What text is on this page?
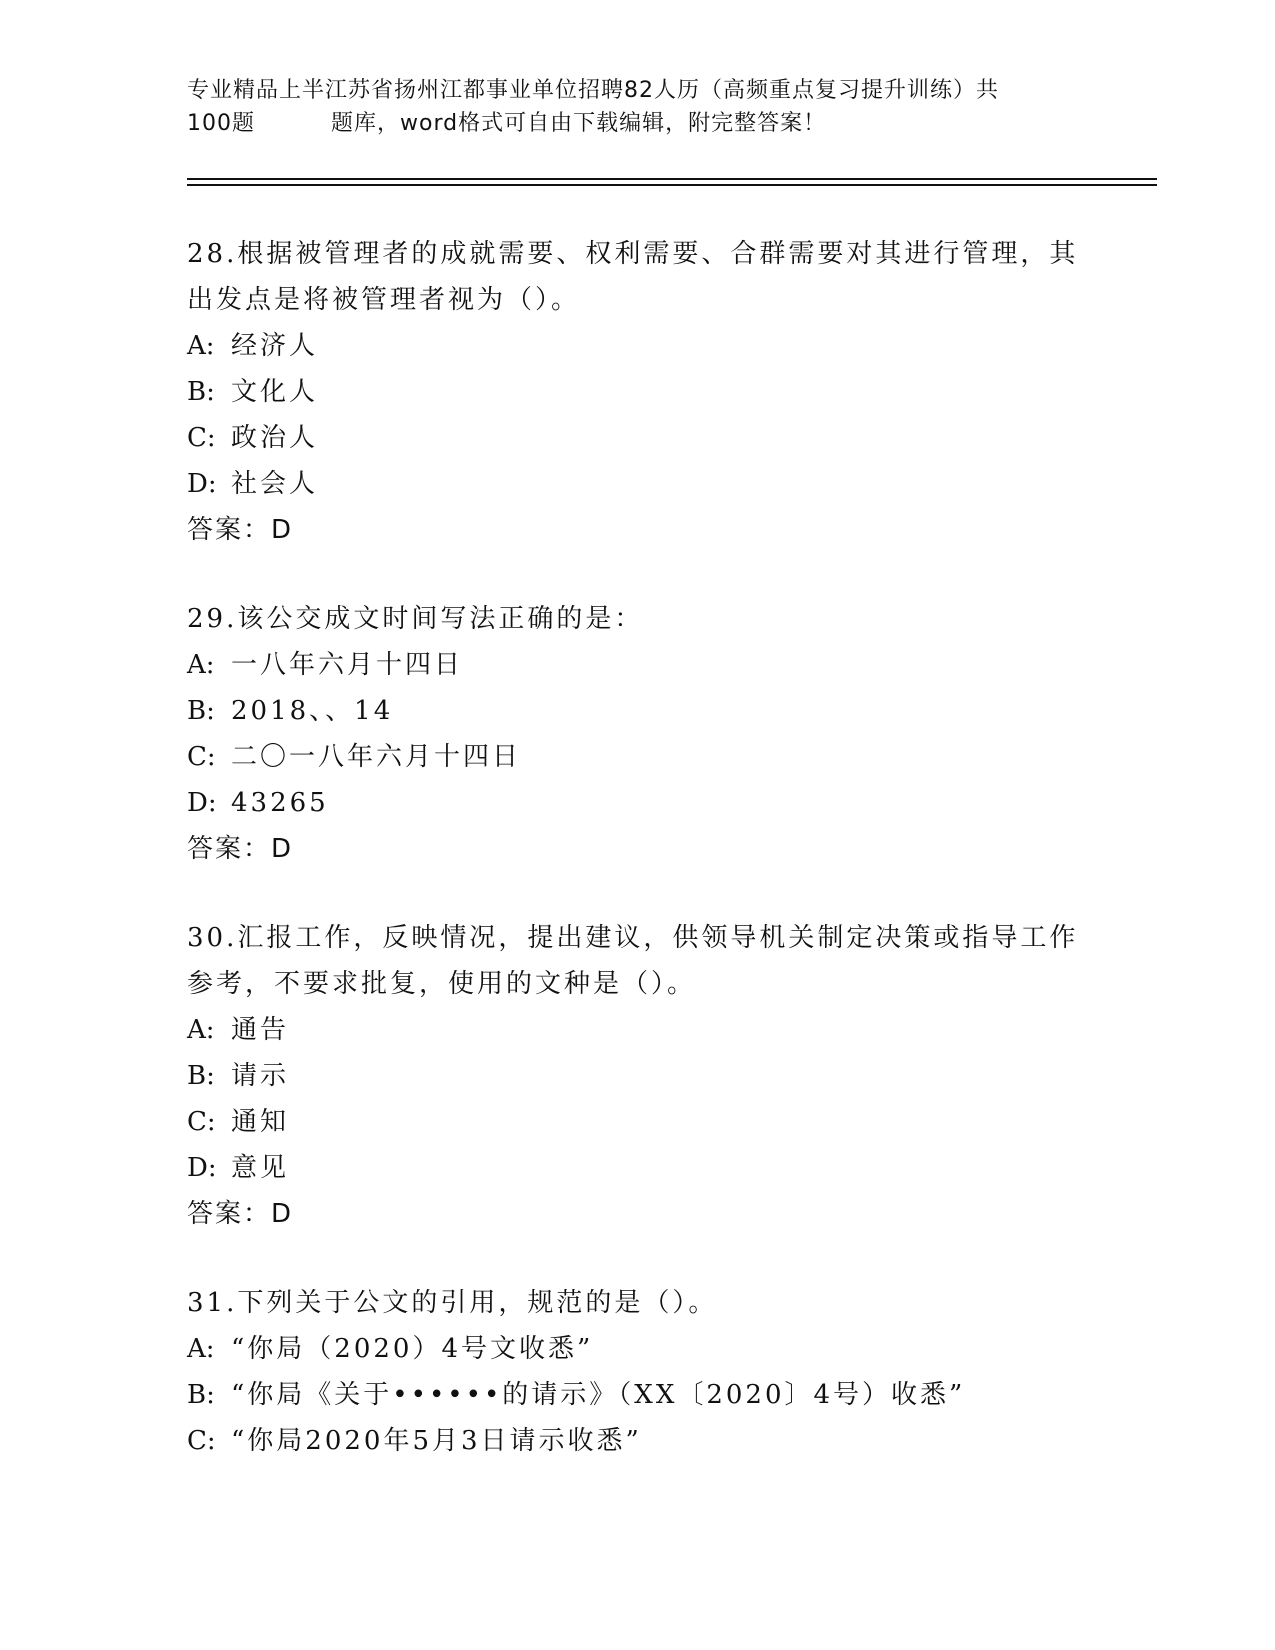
专业精品上半江苏省扬州江都事业单位招聘82人历（高频重点复习提升训练）共
100题	题库，word格式可自由下载编辑，附完整答案！
28.根据被管理者的成就需要、权利需要、合群需要对其进行管理，其
出发点是将被管理者视为（）。
A: 经济人
B: 文化人
C: 政治人
D: 社会人
答案：D
29.该公交成文时间写法正确的是：
A: 一八年六月十四日
B: 2018、、14
C: 二〇一八年六月十四日
D: 43265
答案：D
30.汇报工作，反映情况，提出建议，供领导机关制定决策或指导工作
参考，不要求批复，使用的文种是（）。
A: 通告
B: 请示
C: 通知
D: 意见
答案：D
31.下列关于公文的引用，规范的是（）。
A: “你局（2020）4号文收悉”
B: “你局《关于••••••的请示》（XX〔2020〕4号）收悉”
C: “你局2020年5月3日请示收悉”
